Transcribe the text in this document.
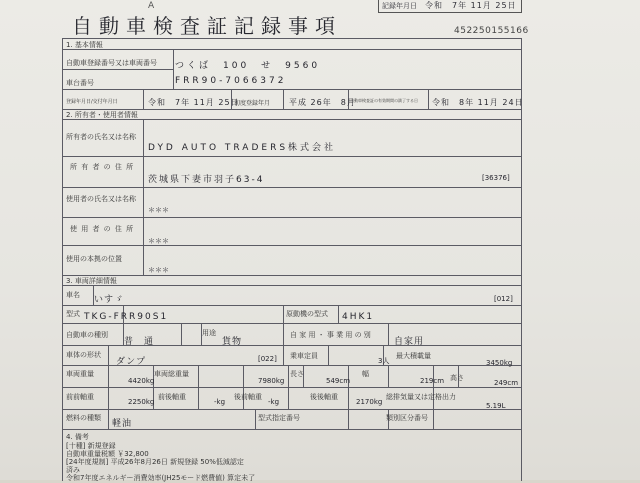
A	記録年月日 令和　7年 11月 25日
自動車検査証記録事項	452250155166
1. 基本情報
自動車登録番号又は車両番号 つくば　100　せ　9560
車台番号	FRR90-7066372
登録年月日/交付年月日	令和　7年 11月 25日
初度登録年月 平成 26年　8月
自動車検査証の有効期間の満了する日 令和　8年 11月 24日
2. 所有者・使用者情報
所有者の氏名又は名称
DYD AUTO TRADERS株式会社
所 有 者 の 住 所
茨城県下妻市羽子63-4	[36376]
使用者の氏名又は名称
＊＊＊
使 用 者 の 住 所
＊＊＊
使用の本拠の位置
＊＊＊
3. 車両詳細情報
車名 いすゞ	[012]
型式 TKG-FRR90S1	原動機の型式 4HK1
自動車の種別
普　通
用途
貨物
自 家 用 ・ 事 業 用 の 別
自家用
車体の形状
ダンプ	[022] 乗車定員
3人
最大積載量
3450kg
車両重量
4420kg
車両総重量
7980kg
長さ
549cm
幅
219cm 高さ
249cm
前前軸重
2250kg
前後軸重
-kg
後前軸重
-kg
後後軸重
2170kg
総排気量又は定格出力
5.19L
燃料の種類
軽油
型式指定番号	類別区分番号
4. 備考
[十種] 新規登録
自動車重量税額 ￥32,800
[24年度規制] 平成26年8月26日 新規登録 50%低減認定
済み
令和7年度エネルギー消費効率(JH25モード燃費値) 算定未了
